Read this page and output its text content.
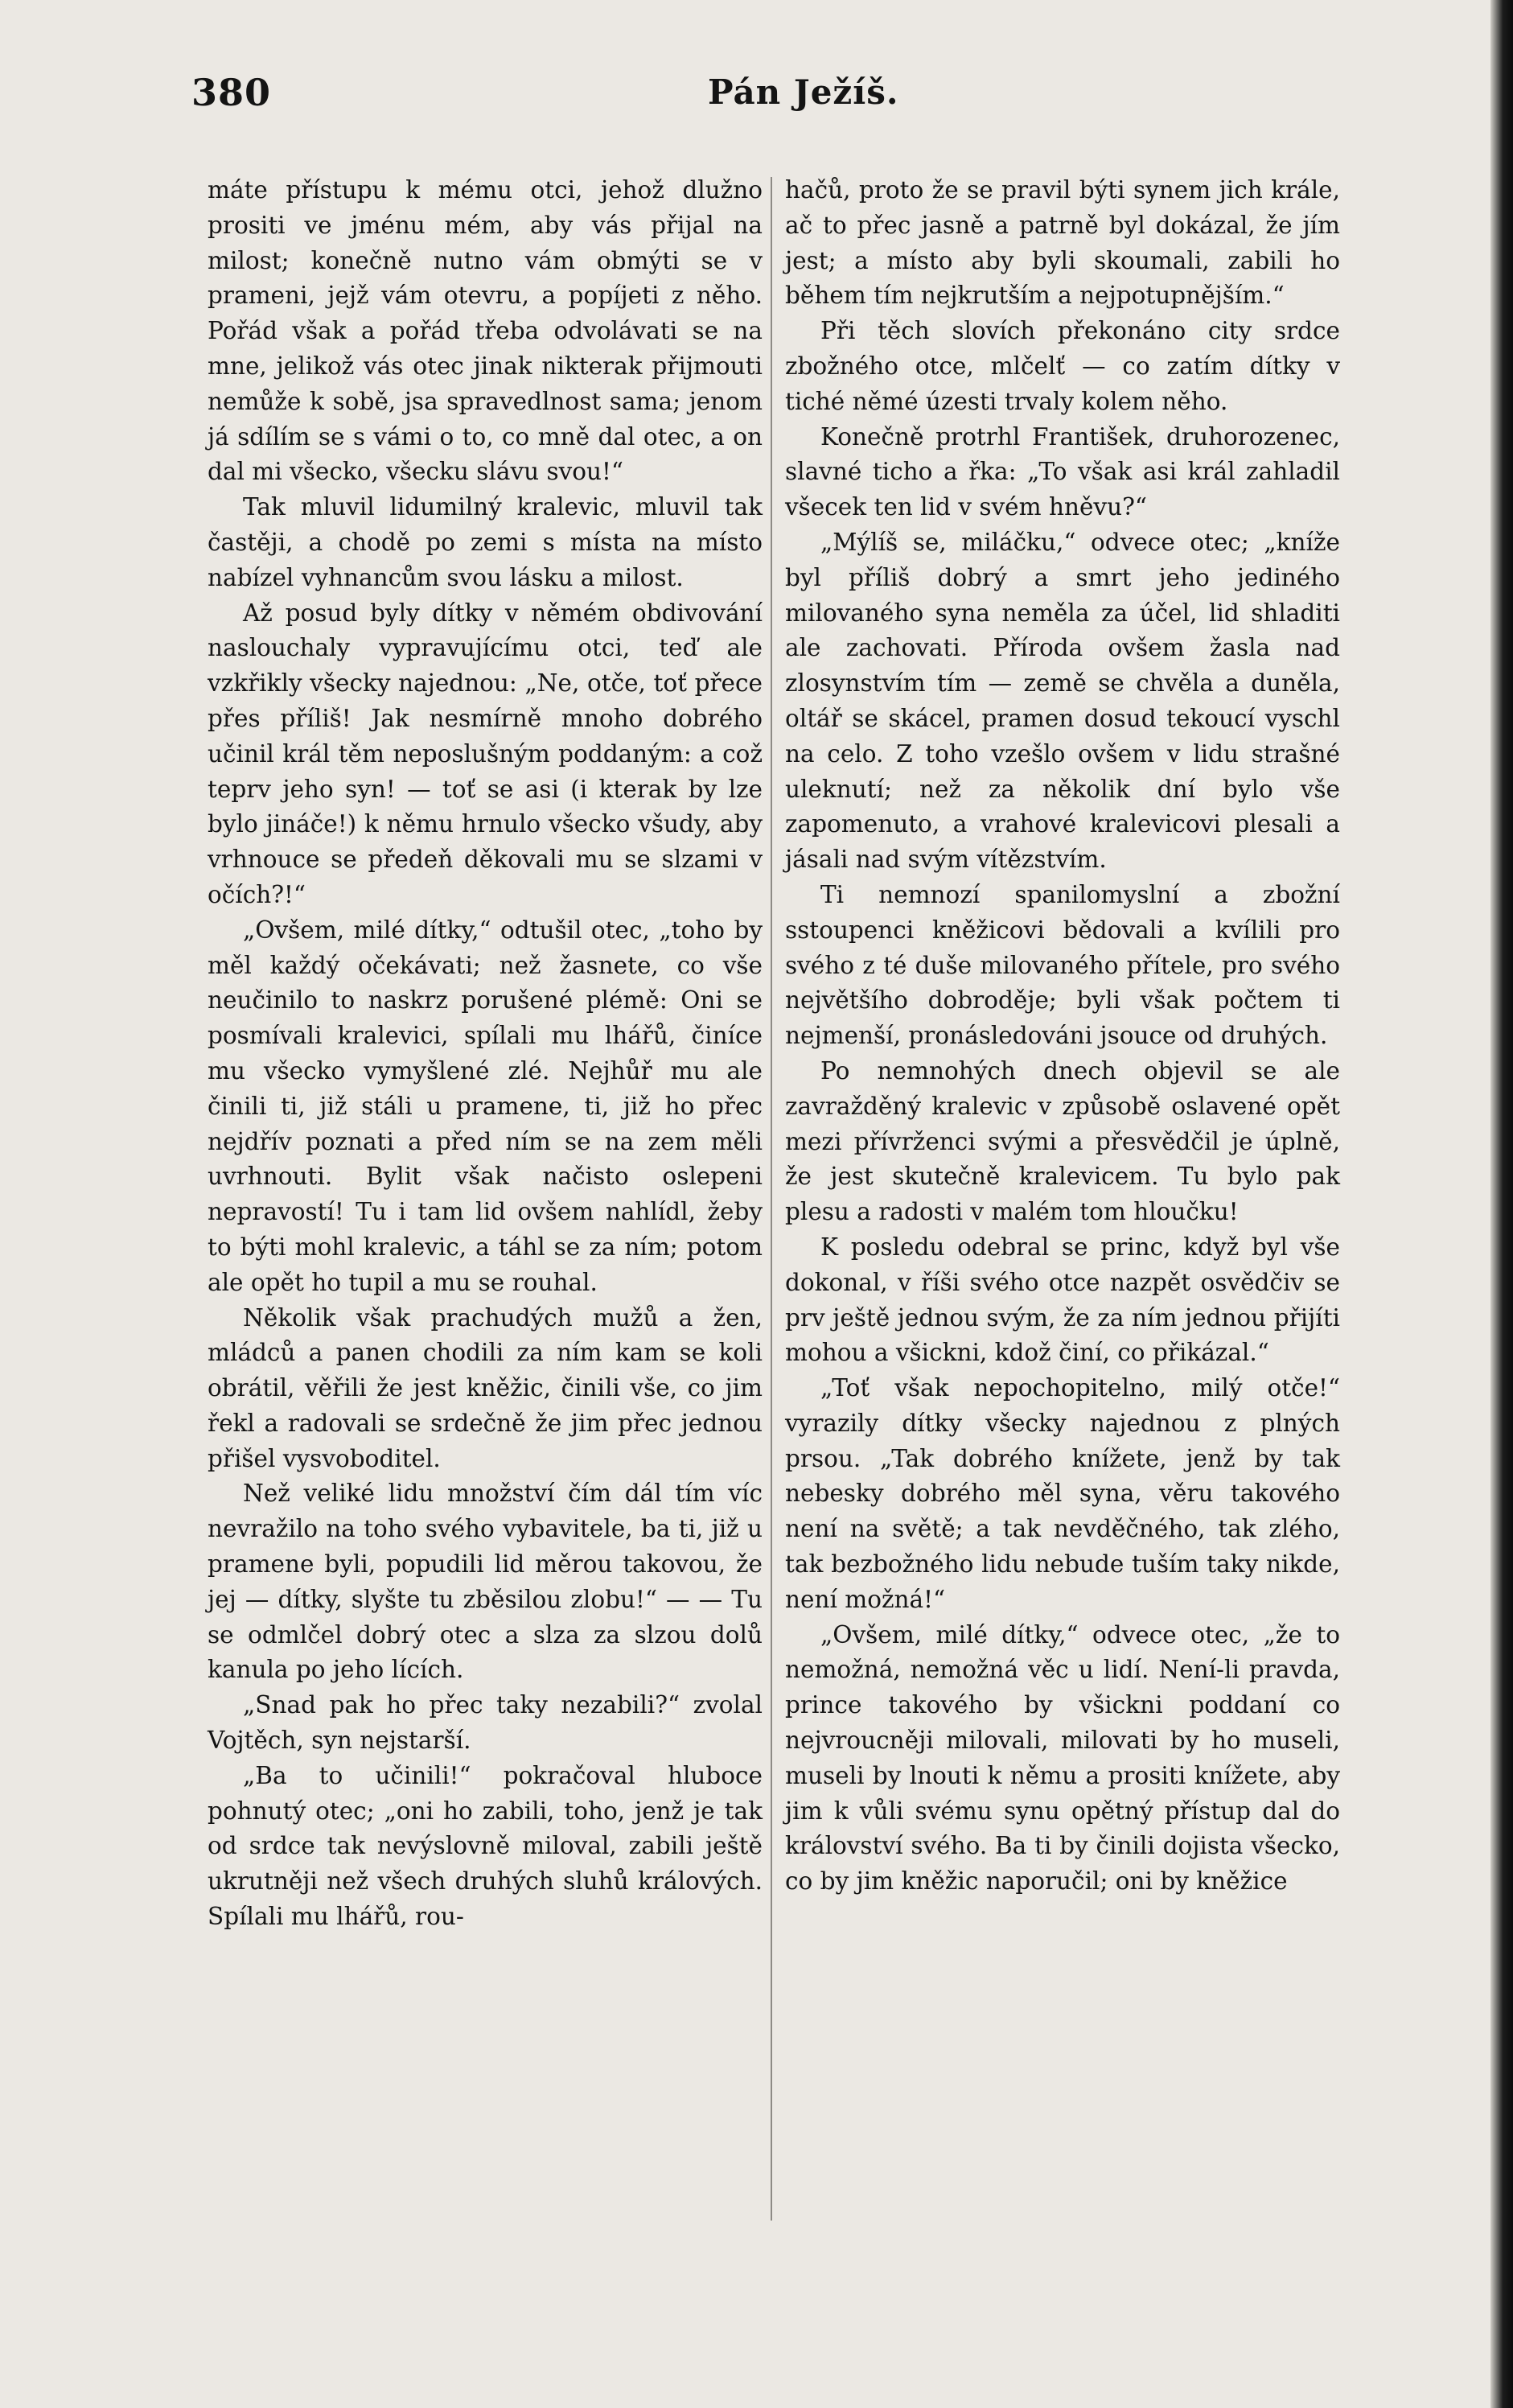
380	Pán Ježíš.

máte přístupu k mému otci, jehož dlužno prositi ve jménu mém, aby vás přijal na milost; konečně nutno vám obmýti se v prameni, jejž vám otevru, a popíjeti z něho. Pořád však a pořád třeba odvolávati se na mne, jelikož vás otec jinak nikterak přijmouti nemůže k sobě, jsa spravedlnost sama; jenom já sdílím se s vámi o to, co mně dal otec, a on dal mi všecko, všecku slávu svou!“

Tak mluvil lidumilný kralevic, mluvil tak častěji, a chodě po zemi s místa na místo nabízel vyhnancům svou lásku a milost.

Až posud byly dítky v němém obdivování naslouchaly vypravujícímu otci, teď ale vzkřikly všecky najednou: „Ne, otče, toť přece přes příliš! Jak nesmírně mnoho dobrého učinil král těm neposlušným poddaným: a což teprv jeho syn! — toť se asi (i kterak by lze bylo jináče!) k němu hrnulo všecko všudy, aby vrhnouce se předeň děkovali mu se slzami v očích?!“

„Ovšem, milé dítky,“ odtušil otec, „toho by měl každý očekávati; než žasnete, co vše neučinilo to naskrz porušené plémě: Oni se posmívali kralevici, spílali mu lhářů, činíce mu všecko vymyšlené zlé. Nejhůř mu ale činili ti, již stáli u pramene, ti, již ho přec nejdřív poznati a před ním se na zem měli uvrhnouti. Bylit však načisto oslepeni nepravostí! Tu i tam lid ovšem nahlídl, žeby to býti mohl kralevic, a táhl se za ním; potom ale opět ho tupil a mu se rouhal.

Několik však prachudých mužů a žen, mládců a panen chodili za ním kam se koli obrátil, věřili že jest kněžic, činili vše, co jim řekl a radovali se srdečně že jim přec jednou přišel vysvoboditel.

Než veliké lidu množství čím dál tím víc nevražilo na toho svého vybavitele, ba ti, již u pramene byli, popudili lid měrou takovou, že jej — dítky, slyšte tu zběsilou zlobu!“ — — Tu se odmlčel dobrý otec a slza za slzou dolů kanula po jeho lících.

„Snad pak ho přec taky nezabili?“ zvolal Vojtěch, syn nejstarší.

„Ba to učinili!“ pokračoval hluboce pohnutý otec; „oni ho zabili, toho, jenž je tak od srdce tak nevýslovně miloval, zabili ještě ukrutněji než všech druhých sluhů králových. Spílali mu lhářů, rou-

hačů, proto že se pravil býti synem jich krále, ač to přec jasně a patrně byl dokázal, že jím jest; a místo aby byli skoumali, zabili ho během tím nejkrutším a nejpotupnějším.“

Při těch slovích překonáno city srdce zbožného otce, mlčelť — co zatím dítky v tiché němé úzesti trvaly kolem něho.

Konečně protrhl František, druhorozenec, slavné ticho a řka: „To však asi král zahladil všecek ten lid v svém hněvu?“

„Mýlíš se, miláčku,“ odvece otec; „kníže byl příliš dobrý a smrt jeho jediného milovaného syna neměla za účel, lid shladiti ale zachovati. Příroda ovšem žasla nad zlosynstvím tím — země se chvěla a duněla, oltář se skácel, pramen dosud tekoucí vyschl na celo. Z toho vzešlo ovšem v lidu strašné uleknutí; než za několik dní bylo vše zapomenuto, a vrahové kralevicovi plesali a jásali nad svým vítězstvím.

Ti nemnozí spanilomyslní a zbožní sstoupenci kněžicovi bědovali a kvílili pro svého z té duše milovaného přítele, pro svého největšího dobroděje; byli však počtem ti nejmenší, pronásledováni jsouce od druhých.

Po nemnohých dnech objevil se ale zavražděný kralevic v způsobě oslavené opět mezi přívrženci svými a přesvědčil je úplně, že jest skutečně kralevicem. Tu bylo pak plesu a radosti v malém tom hloučku!

K posledu odebral se princ, když byl vše dokonal, v říši svého otce nazpět osvědčiv se prv ještě jednou svým, že za ním jednou přijíti mohou a všickni, kdož činí, co přikázal.“

„Toť však nepochopitelno, milý otče!“ vyrazily dítky všecky najednou z plných prsou. „Tak dobrého knížete, jenž by tak nebesky dobrého měl syna, věru takového není na světě; a tak nevděčného, tak zlého, tak bezbožného lidu nebude tuším taky nikde, není možná!“

„Ovšem, milé dítky,“ odvece otec, „že to nemožná, nemožná věc u lidí. Není-li pravda, prince takového by všickni poddaní co nejvroucněji milovali, milovati by ho museli, museli by lnouti k němu a prositi knížete, aby jim k vůli svému synu opětný přístup dal do království svého. Ba ti by činili dojista všecko, co by jim kněžic naporučil; oni by kněžice
